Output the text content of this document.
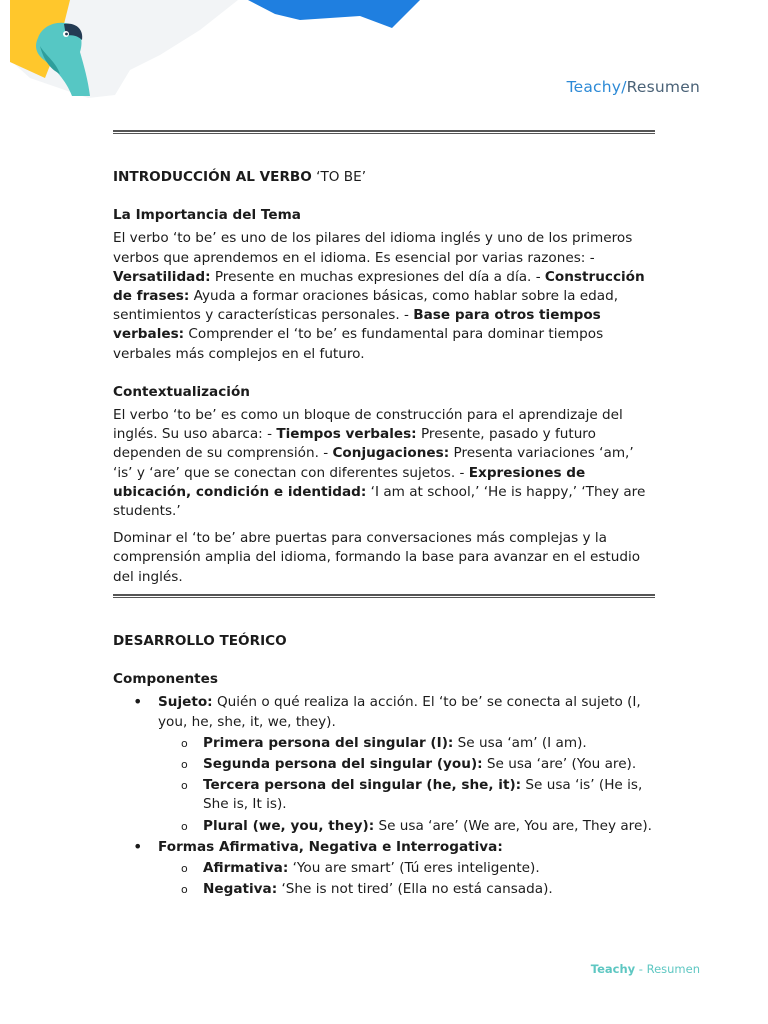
Teachy/Resumen

INTRODUCCIÓN AL VERBO ‘TO BE’

La Importancia del Tema

El verbo ‘to be’ es uno de los pilares del idioma inglés y uno de los primeros verbos que aprendemos en el idioma. Es esencial por varias razones: - Versatilidad: Presente en muchas expresiones del día a día. - Construcción de frases: Ayuda a formar oraciones básicas, como hablar sobre la edad, sentimientos y características personales. - Base para otros tiempos verbales: Comprender el ‘to be’ es fundamental para dominar tiempos verbales más complejos en el futuro.

Contextualización

El verbo ‘to be’ es como un bloque de construcción para el aprendizaje del inglés. Su uso abarca: - Tiempos verbales: Presente, pasado y futuro dependen de su comprensión. - Conjugaciones: Presenta variaciones ‘am,’ ‘is’ y ‘are’ que se conectan con diferentes sujetos. - Expresiones de ubicación, condición e identidad: ‘I am at school,’ ‘He is happy,’ ‘They are students.’

Dominar el ‘to be’ abre puertas para conversaciones más complejas y la comprensión amplia del idioma, formando la base para avanzar en el estudio del inglés.

DESARROLLO TEÓRICO

Componentes

• Sujeto: Quién o qué realiza la acción. El ‘to be’ se conecta al sujeto (I, you, he, she, it, we, they).
o Primera persona del singular (I): Se usa ‘am’ (I am).
o Segunda persona del singular (you): Se usa ‘are’ (You are).
o Tercera persona del singular (he, she, it): Se usa ‘is’ (He is, She is, It is).
o Plural (we, you, they): Se usa ‘are’ (We are, You are, They are).
• Formas Afirmativa, Negativa e Interrogativa:
o Afirmativa: ‘You are smart’ (Tú eres inteligente).
o Negativa: ‘She is not tired’ (Ella no está cansada).
Teachy - Resumen
